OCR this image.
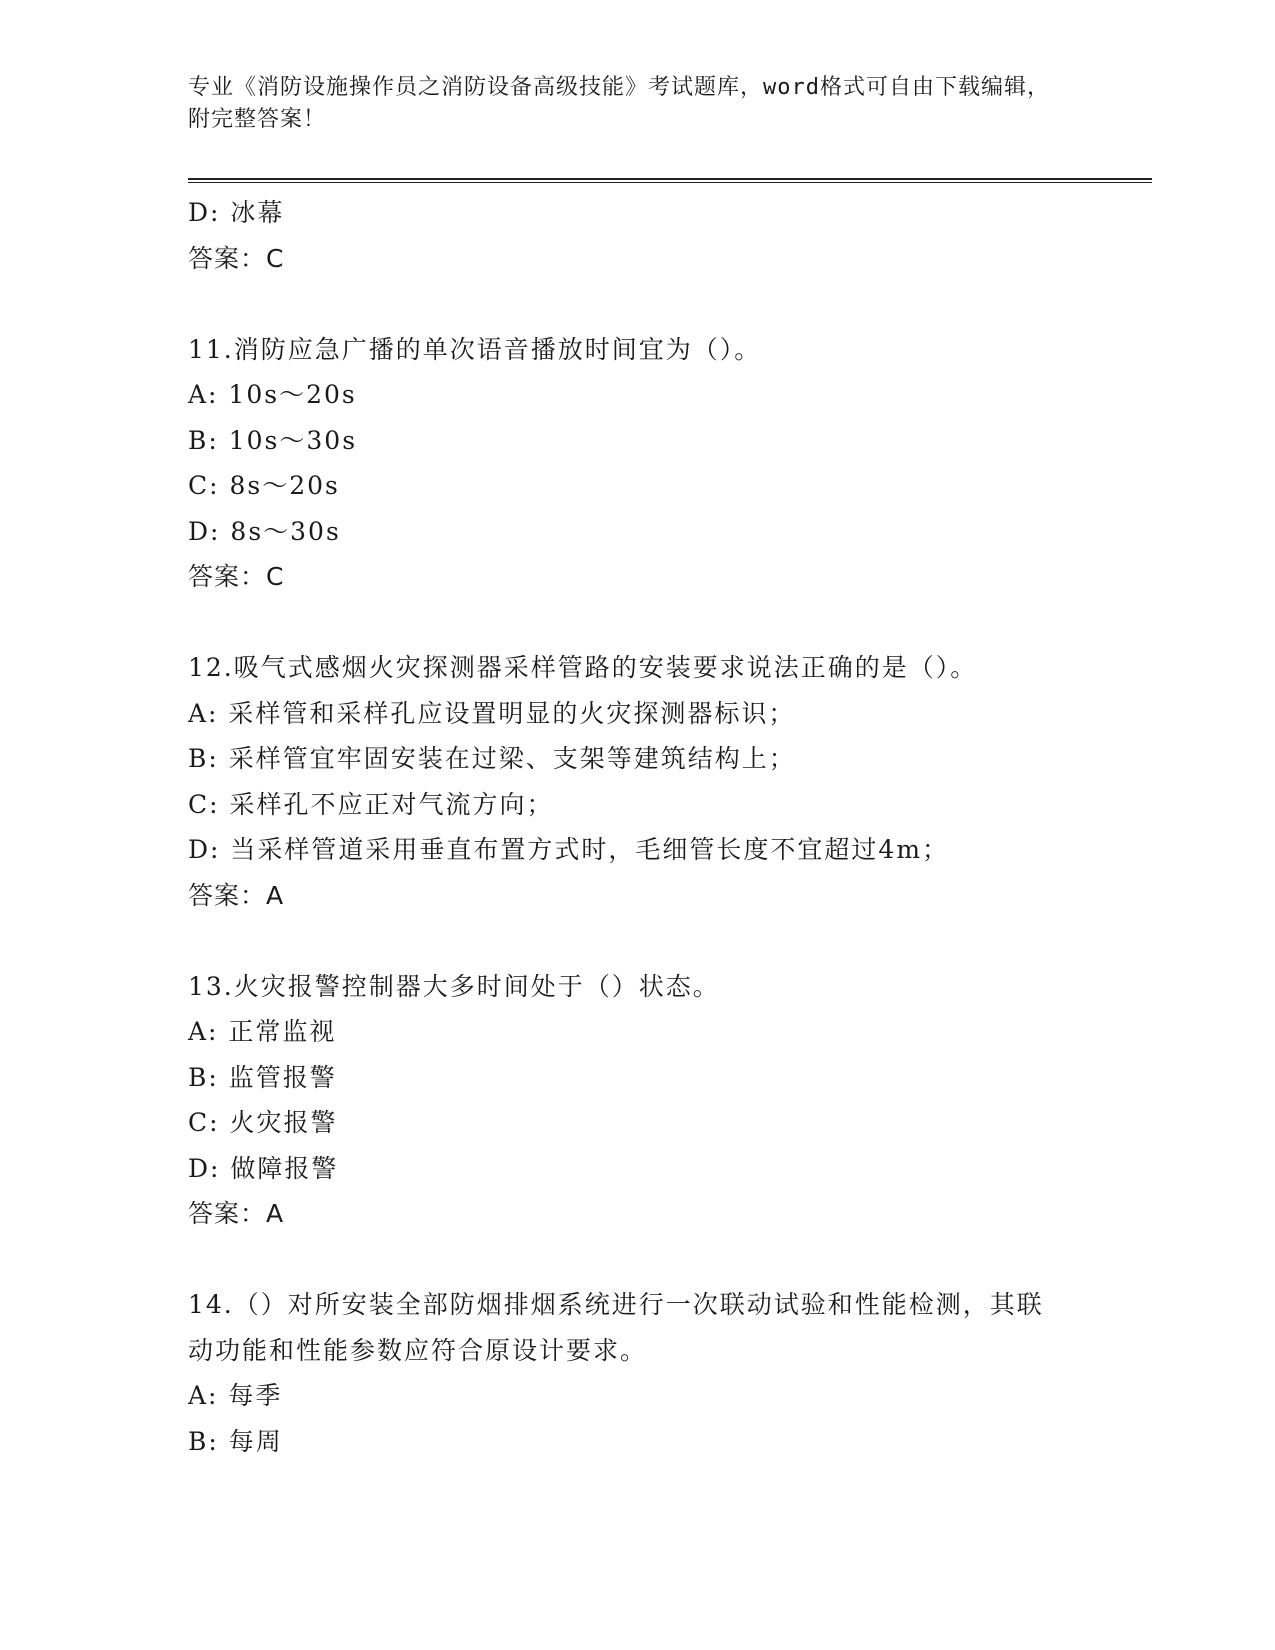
专业《消防设施操作员之消防设备高级技能》考试题库，word格式可自由下载编辑，附完整答案！
D: 冰幕
答案：C
11.消防应急广播的单次语音播放时间宜为（）。
A: 10s～20s
B: 10s～30s
C: 8s～20s
D: 8s～30s
答案：C
12.吸气式感烟火灾探测器采样管路的安装要求说法正确的是（）。
A: 采样管和采样孔应设置明显的火灾探测器标识；
B: 采样管宜牢固安装在过梁、支架等建筑结构上；
C: 采样孔不应正对气流方向；
D: 当采样管道采用垂直布置方式时，毛细管长度不宜超过4m；
答案：A
13.火灾报警控制器大多时间处于（）状态。
A: 正常监视
B: 监管报警
C: 火灾报警
D: 做障报警
答案：A
14.（）对所安装全部防烟排烟系统进行一次联动试验和性能检测，其联动功能和性能参数应符合原设计要求。
A: 每季
B: 每周
